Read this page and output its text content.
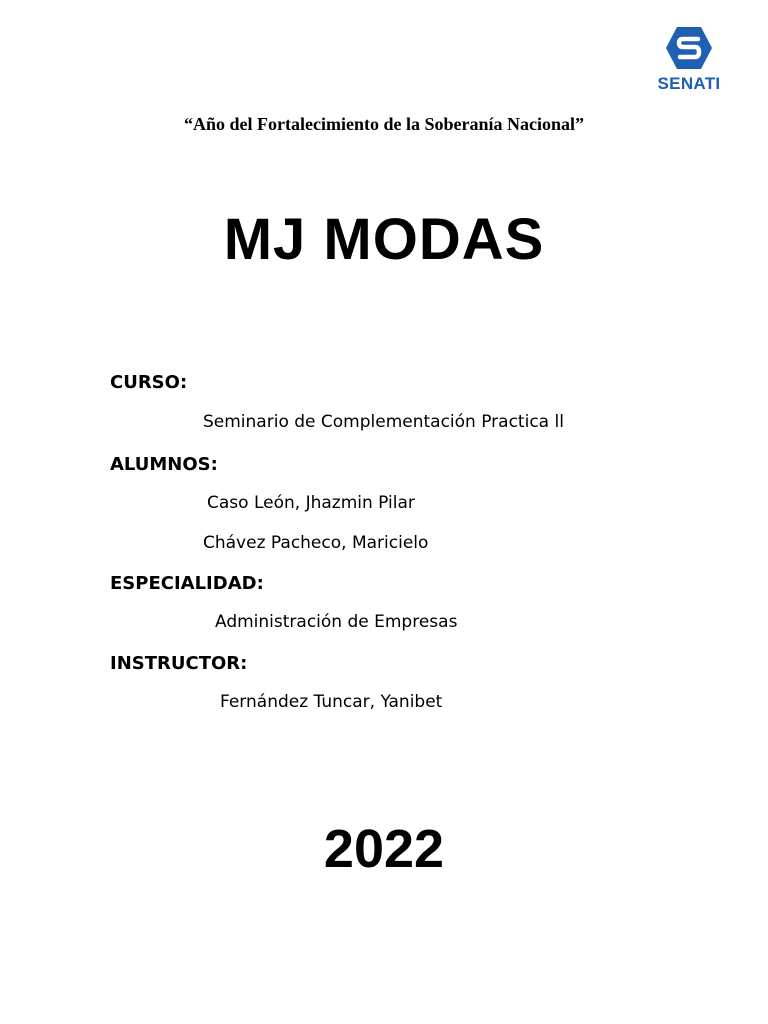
SENATI
“Año del Fortalecimiento de la Soberanía Nacional”
MJ MODAS
CURSO:
Seminario de Complementación Practica ll
ALUMNOS:
Caso León, Jhazmin Pilar
Chávez Pacheco, Maricielo
ESPECIALIDAD:
Administración de Empresas
INSTRUCTOR:
Fernández Tuncar, Yanibet
2022
